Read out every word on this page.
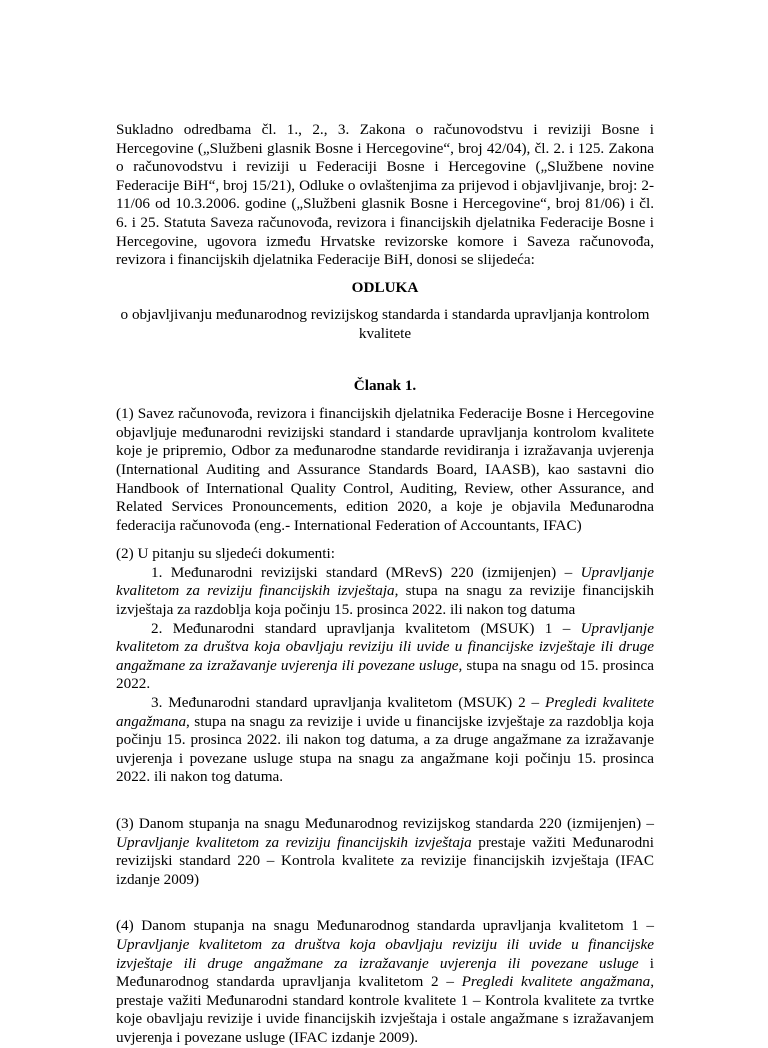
Sukladno odredbama čl. 1., 2., 3. Zakona o računovodstvu i reviziji Bosne i Hercegovine („Službeni glasnik Bosne i Hercegovine“, broj 42/04), čl. 2. i 125. Zakona o računovodstvu i reviziji u Federaciji Bosne i Hercegovine („Službene novine Federacije BiH“, broj 15/21), Odluke o ovlaštenjima za prijevod i objavljivanje, broj: 2-11/06 od 10.3.2006. godine („Službeni glasnik Bosne i Hercegovine“, broj 81/06) i čl. 6. i 25. Statuta Saveza računovođa, revizora i financijskih djelatnika Federacije Bosne i Hercegovine, ugovora između Hrvatske revizorske komore i Saveza računovođa, revizora i financijskih djelatnika Federacije BiH, donosi se slijedeća:

ODLUKA

o objavljivanju međunarodnog revizijskog standarda i standarda upravljanja kontrolom kvalitete

Članak 1.

(1) Savez računovođa, revizora i financijskih djelatnika Federacije Bosne i Hercegovine objavljuje međunarodni revizijski standard i standarde upravljanja kontrolom kvalitete koje je pripremio, Odbor za međunarodne standarde revidiranja i izražavanja uvjerenja (International Auditing and Assurance Standards Board, IAASB), kao sastavni dio Handbook of International Quality Control, Auditing, Review, other Assurance, and Related Services Pronouncements, edition 2020, a koje je objavila Međunarodna federacija računovođa (eng.- International Federation of Accountants, IFAC)

(2) U pitanju su sljedeći dokumenti:

1. Međunarodni revizijski standard (MRevS) 220 (izmijenjen) – Upravljanje kvalitetom za reviziju financijskih izvještaja, stupa na snagu za revizije financijskih izvještaja za razdoblja koja počinju 15. prosinca 2022. ili nakon tog datuma

2. Međunarodni standard upravljanja kvalitetom (MSUK) 1 – Upravljanje kvalitetom za društva koja obavljaju reviziju ili uvide u financijske izvještaje ili druge angažmane za izražavanje uvjerenja ili povezane usluge, stupa na snagu od 15. prosinca 2022.

3. Međunarodni standard upravljanja kvalitetom (MSUK) 2 – Pregledi kvalitete angažmana, stupa na snagu za revizije i uvide u financijske izvještaje za razdoblja koja počinju 15. prosinca 2022. ili nakon tog datuma, a za druge angažmane za izražavanje uvjerenja i povezane usluge stupa na snagu za angažmane koji počinju 15. prosinca 2022. ili nakon tog datuma.

(3) Danom stupanja na snagu Međunarodnog revizijskog standarda 220 (izmijenjen) – Upravljanje kvalitetom za reviziju financijskih izvještaja prestaje važiti Međunarodni revizijski standard 220 – Kontrola kvalitete za revizije financijskih izvještaja (IFAC izdanje 2009)

(4) Danom stupanja na snagu Međunarodnog standarda upravljanja kvalitetom 1 – Upravljanje kvalitetom za društva koja obavljaju reviziju ili uvide u financijske izvještaje ili druge angažmane za izražavanje uvjerenja ili povezane usluge i Međunarodnog standarda upravljanja kvalitetom 2 – Pregledi kvalitete angažmana, prestaje važiti Međunarodni standard kontrole kvalitete 1 – Kontrola kvalitete za tvrtke koje obavljaju revizije i uvide financijskih izvještaja i ostale angažmane s izražavanjem uvjerenja i povezane usluge (IFAC izdanje 2009).
